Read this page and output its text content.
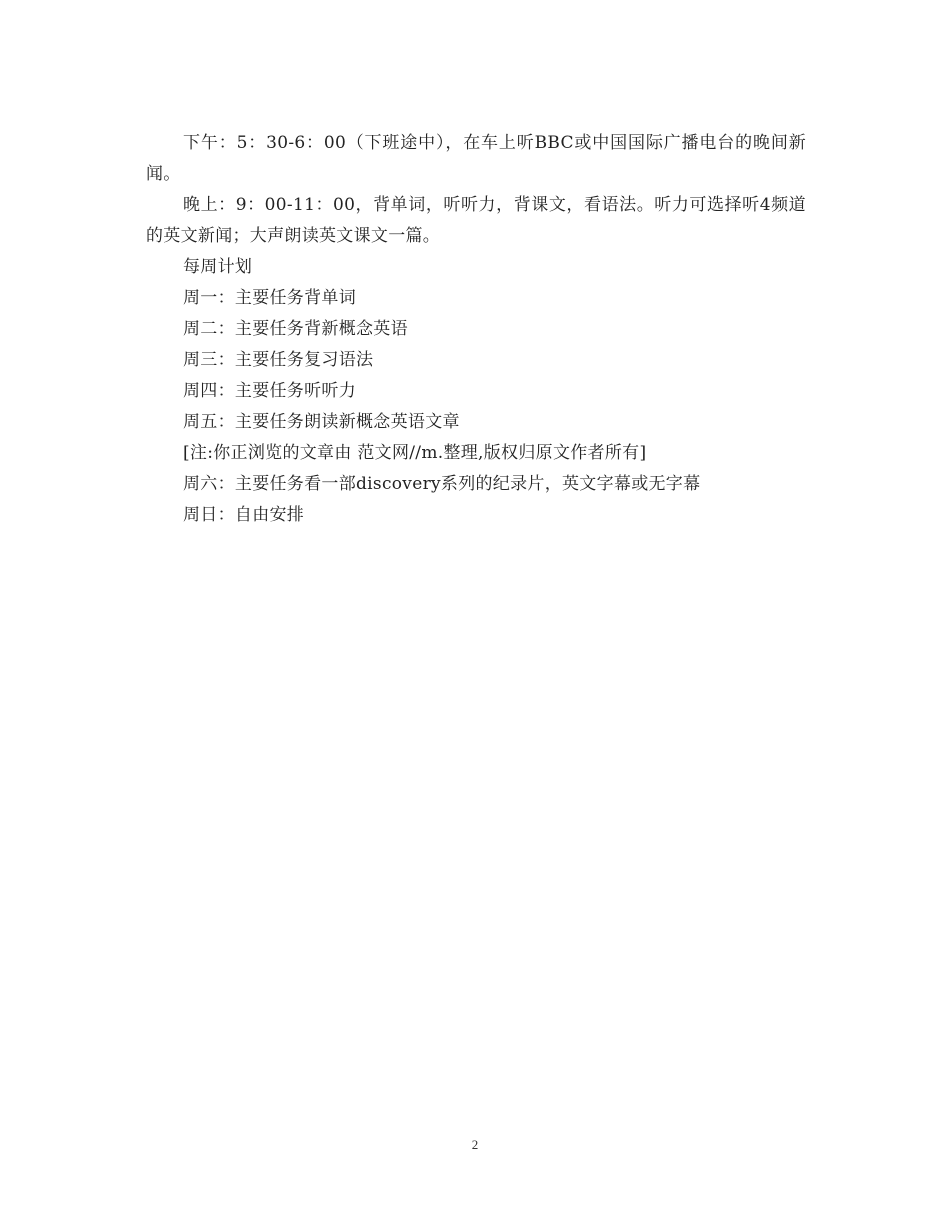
下午：5：30-6：00（下班途中），在车上听BBC或中国国际广播电台的晚间新闻。

晚上：9：00-11：00，背单词，听听力，背课文，看语法。听力可选择听4频道的英文新闻；大声朗读英文课文一篇。

每周计划

周一：主要任务背单词

周二：主要任务背新概念英语

周三：主要任务复习语法

周四：主要任务听听力

周五：主要任务朗读新概念英语文章

[注:你正浏览的文章由 范文网//m.整理,版权归原文作者所有]

周六：主要任务看一部discovery系列的纪录片，英文字幕或无字幕

周日：自由安排

2
